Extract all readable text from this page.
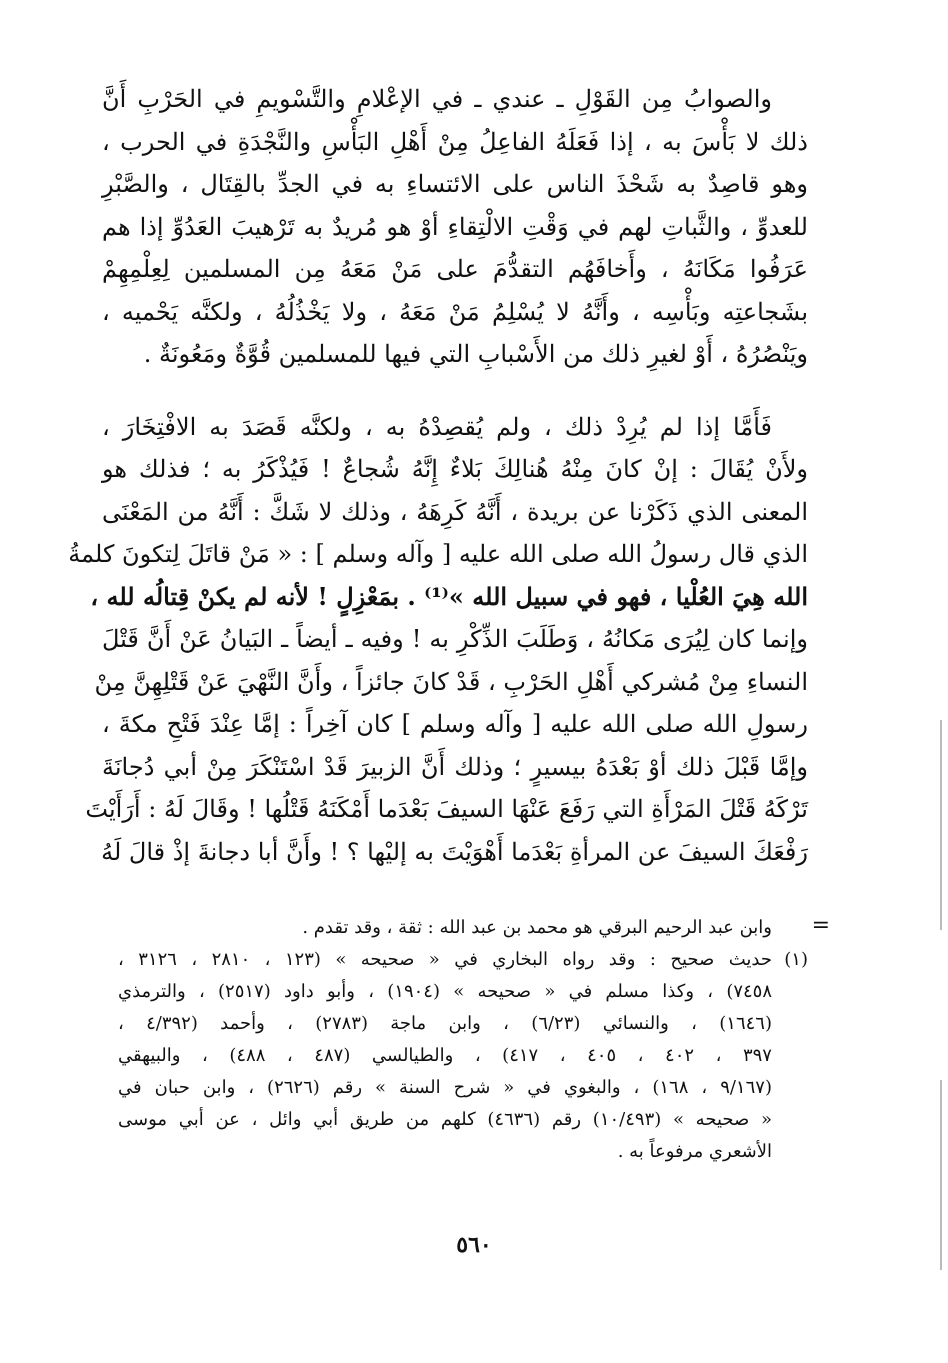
والصوابُ مِن القَوْلِ ـ عندي ـ في الإعْلامِ والتَّسْويمِ في الحَرْبِ أَنَّ
ذلك لا بَأْسَ به ، إذا فَعَلَهُ الفاعِلُ مِنْ أَهْلِ البَأْسِ والنَّجْدَةِ في الحرب ،
وهو قاصِدٌ به شَحْذَ الناس على الائتساءِ به في الجدِّ بالقِتَال ، والصَّبْرِ
للعدوِّ ، والثَّباتِ لهم في وَقْتِ الالْتِقاءِ أوْ هو مُريدٌ به تَرْهيبَ العَدُوِّ إذا هم
عَرَفُوا مَكَانَهُ ، وأَخافَهُم التقدُّمَ على مَنْ مَعَهُ مِن المسلمين لِعِلْمِهِمْ
بشَجاعتِه وبَأْسِه ، وأَنَّهُ لا يُسْلِمُ مَنْ مَعَهُ ، ولا يَخْذُلُهُ ، ولكنَّه يَحْميه ،
ويَنْصُرُهُ ، أَوْ لغيرِ ذلك من الأَسْبابِ التي فيها للمسلمين قُوَّةٌ ومَعُونَةٌ .
فَأَمَّا إذا لم يُرِدْ ذلك ، ولم يُقصِدْهُ به ، ولكنَّه قَصَدَ به الافْتِخَارَ ،
ولأَنْ يُقَالَ : إنْ كانَ مِنْهُ هُنالِكَ بَلاءٌ إِنَّهُ شُجاعٌ ! فَيُذْكَرُ به ؛ فذلك هو
المعنى الذي ذَكَرْنا عن بريدة ، أَنَّهُ كَرِهَهُ ، وذلك لا شَكَّ : أَنَّهُ من المَعْنَى
الذي قال رسولُ الله صلى الله عليه [ وآله وسلم ] : « مَنْ قاتَلَ لِتكونَ كلمةُ
الله هِيَ العُلْيا ، فهو في سبيل الله »⁽¹⁾ . بمَعْزِلٍ ! لأنه لم يكنْ قِتالُه لله ،
وإنما كان لِيُرَى مَكانُهُ ، وَطَلَبَ الذِّكْرِ به ! وفيه ـ أيضاً ـ البَيانُ عَنْ أَنَّ قَتْلَ
النساءِ مِنْ مُشركي أَهْلِ الحَرْبِ ، قَدْ كانَ جائزاً ، وأَنَّ النَّهْيَ عَنْ قَتْلِهِنَّ مِنْ
رسولِ الله صلى الله عليه [ وآله وسلم ] كان آخِراً : إمَّا عِنْدَ فَتْحِ مكةَ ،
وإمَّا قَبْلَ ذلك أوْ بَعْدَهُ بيسيرٍ ؛ وذلك أَنَّ الزبيرَ قَدْ اسْتَنْكَرَ مِنْ أبي دُجانَةَ
تَرْكَهُ قَتْلَ المَرْأَةِ التي رَفَعَ عَنْهَا السيفَ بَعْدَما أَمْكَنَهُ قَتْلُها ! وقَالَ لَهُ : أَرَأَيْتَ
رَفْعَكَ السيفَ عن المرأةِ بَعْدَما أَهْوَيْتَ به إليْها ؟ ! وأَنَّ أبا دجانةَ إذْ قالَ لَهُ
=
وابن عبد الرحيم البرقي هو محمد بن عبد الله : ثقة ، وقد تقدم .
(١)حديث صحيح : وقد رواه البخاري في « صحيحه » (١٢٣ ، ٢٨١٠ ، ٣١٢٦ ،
٧٤٥٨) ، وكذا مسلم في « صحيحه » (١٩٠٤) ، وأبو داود (٢٥١٧) ، والترمذي
(١٦٤٦) ، والنسائي (٦/٢٣) ، وابن ماجة (٢٧٨٣) ، وأحمد (٤/٣٩٢ ،
٣٩٧ ، ٤٠٢ ، ٤٠٥ ، ٤١٧) ، والطيالسي (٤٨٧ ، ٤٨٨) ، والبيهقي
(٩/١٦٧ ، ١٦٨) ، والبغوي في « شرح السنة » رقم (٢٦٢٦) ، وابن حبان في
« صحيحه » (١٠/٤٩٣) رقم (٤٦٣٦) كلهم من طريق أبي وائل ، عن أبي موسى
الأشعري مرفوعاً به .
٥٦٠
